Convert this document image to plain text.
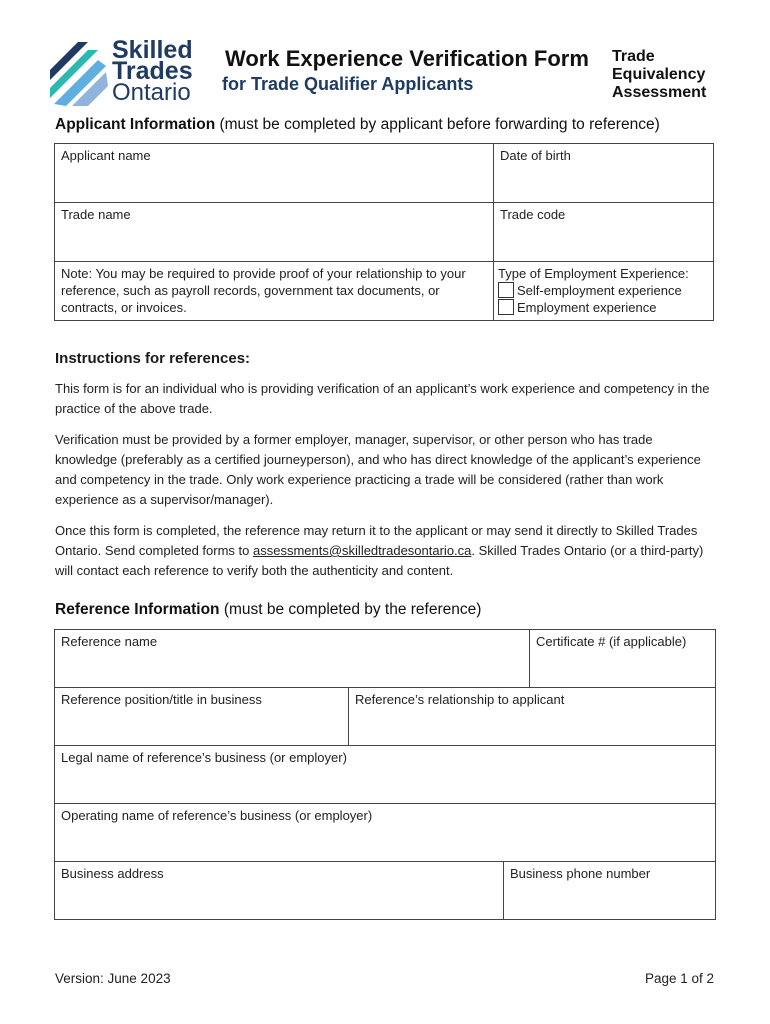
Skilled
Trades
Ontario
Work Experience Verification Form
for Trade Qualifier Applicants
Trade
Equivalency
Assessment
Applicant Information (must be completed by applicant before forwarding to reference)
Applicant name	Date of birth
Trade name	Trade code
Note: You may be required to provide proof of your relationship to your reference, such as payroll records, government tax documents, or contracts, or invoices.
Type of Employment Experience:
Self-employment experience
Employment experience
Instructions for references:
This form is for an individual who is providing verification of an applicant’s work experience and competency in the practice of the above trade.
Verification must be provided by a former employer, manager, supervisor, or other person who has trade knowledge (preferably as a certified journeyperson), and who has direct knowledge of the applicant’s experience and competency in the trade. Only work experience practicing a trade will be considered (rather than work experience as a supervisor/manager).
Once this form is completed, the reference may return it to the applicant or may send it directly to Skilled Trades Ontario. Send completed forms to assessments@skilledtradesontario.ca. Skilled Trades Ontario (or a third-party) will contact each reference to verify both the authenticity and content.
Reference Information (must be completed by the reference)
Reference name	Certificate # (if applicable)
Reference position/title in business	Reference’s relationship to applicant
Legal name of reference’s business (or employer)
Operating name of reference’s business (or employer)
Business address	Business phone number
Version: June 2023	Page 1 of 2
